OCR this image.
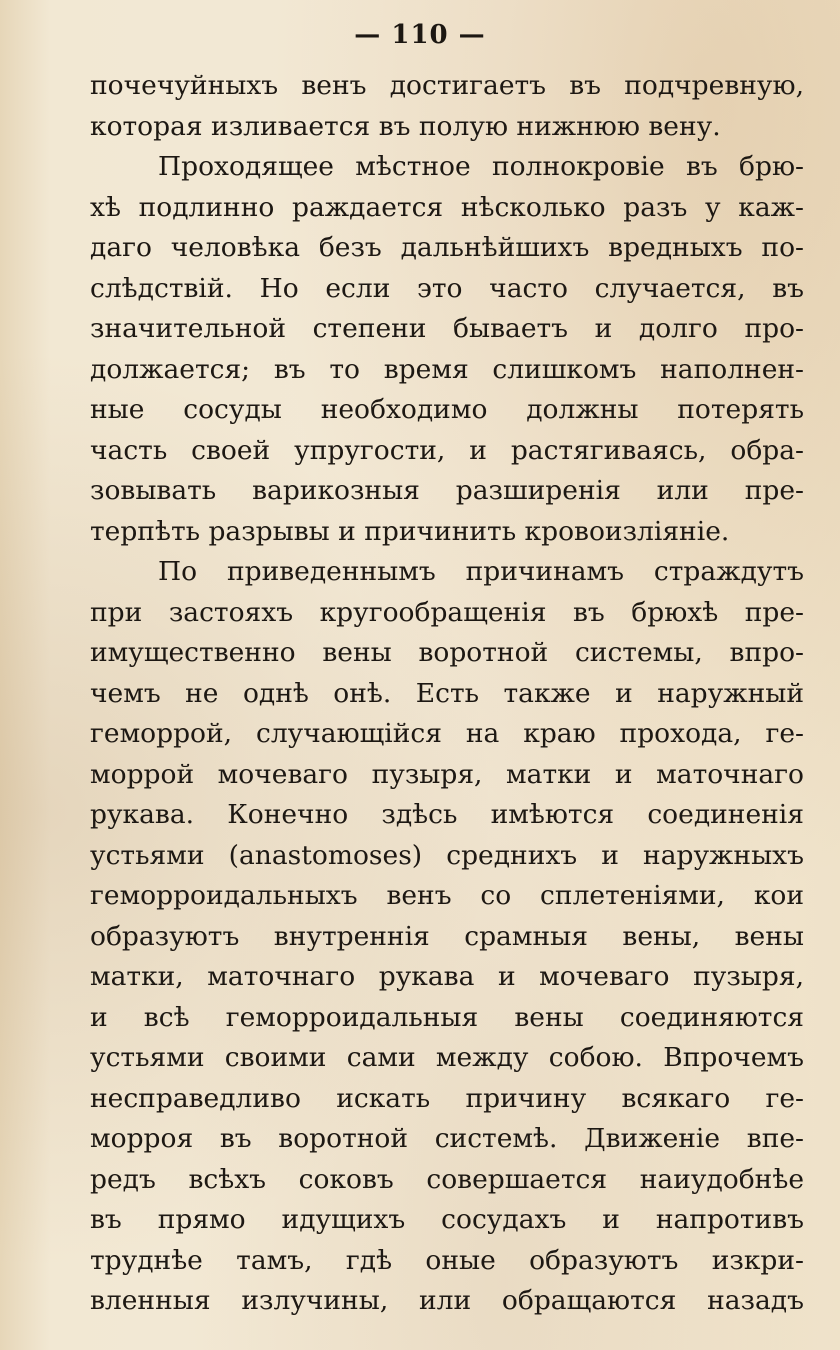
— 110 —
почечуйныхъ венъ достигаетъ въ подчревную,
которая изливается въ полую нижнюю вену.
Проходящее мѣстное полнокровіе въ брю-
хѣ подлинно раждается нѣсколько разъ у каж-
даго человѣка безъ дальнѣйшихъ вредныхъ по-
слѣдствій. Но если это часто случается, въ
значительной степени бываетъ и долго про-
должается; въ то время слишкомъ наполнен-
ные сосуды необходимо должны потерять
часть своей упругости, и растягиваясь, обра-
зовывать варикозныя разширенія или пре-
терпѣть разрывы и причинить кровоизліяніе.
По приведеннымъ причинамъ страждутъ
при застояхъ кругообращенія въ брюхѣ пре-
имущественно вены воротной системы, впро-
чемъ не однѣ онѣ. Есть также и наружный
геморрой, случающійся на краю прохода, ге-
моррой мочеваго пузыря, матки и маточнаго
рукава. Конечно здѣсь имѣются соединенія
устьями (anastomoses) среднихъ и наружныхъ
геморроидальныхъ венъ со сплетеніями, кои
образуютъ внутреннія срамныя вены, вены
матки, маточнаго рукава и мочеваго пузыря,
и всѣ геморроидальныя вены соединяются
устьями своими сами между собою. Впрочемъ
несправедливо искать причину всякаго ге-
морроя въ воротной системѣ. Движеніе впе-
редъ всѣхъ соковъ совершается наиудобнѣе
въ прямо идущихъ сосудахъ и напротивъ
труднѣе тамъ, гдѣ оные образуютъ изкри-
вленныя излучины, или обращаются назадъ
